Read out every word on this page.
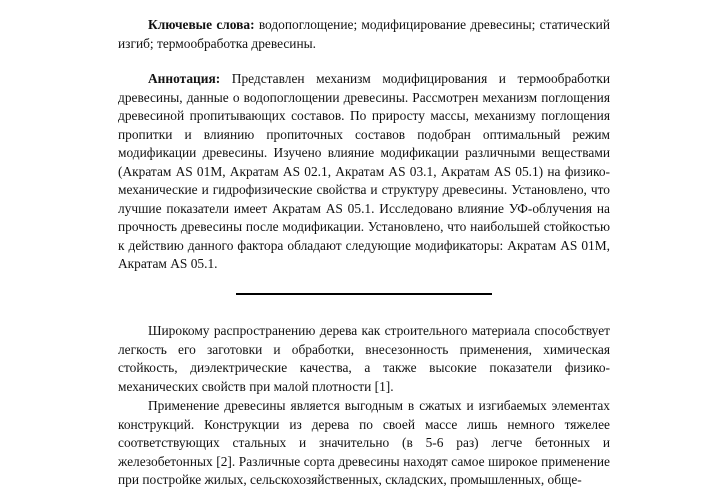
Ключевые слова: водопоглощение; модифицирование древесины; статический изгиб; термообработка древесины.

Аннотация: Представлен механизм модифицирования и термообработки древесины, данные о водопоглощении древесины. Рассмотрен механизм поглощения древесиной пропитывающих составов. По приросту массы, механизму поглощения пропитки и влиянию пропиточных составов подобран оптимальный режим модификации древесины. Изучено влияние модификации различными веществами (Акратам AS 01M, Акратам AS 02.1, Акратам AS 03.1, Акратам AS 05.1) на физико-механические и гидрофизические свойства и структуру древесины. Установлено, что лучшие показатели имеет Акратам AS 05.1. Исследовано влияние УФ-облучения на прочность древесины после модификации. Установлено, что наибольшей стойкостью к действию данного фактора обладают следующие модификаторы: Акратам AS 01M, Акратам AS 05.1.

Широкому распространению дерева как строительного материала способствует легкость его заготовки и обработки, внесезонность применения, химическая стойкость, диэлектрические качества, а также высокие показатели физико-механических свойств при малой плотности [1].

Применение древесины является выгодным в сжатых и изгибаемых элементах конструкций. Конструкции из дерева по своей массе лишь немного тяжелее соответствующих стальных и значительно (в 5-6 раз) легче бетонных и железобетонных [2]. Различные сорта древесины находят самое широкое применение при постройке жилых, сельскохозяйственных, складских, промышленных, обще-
